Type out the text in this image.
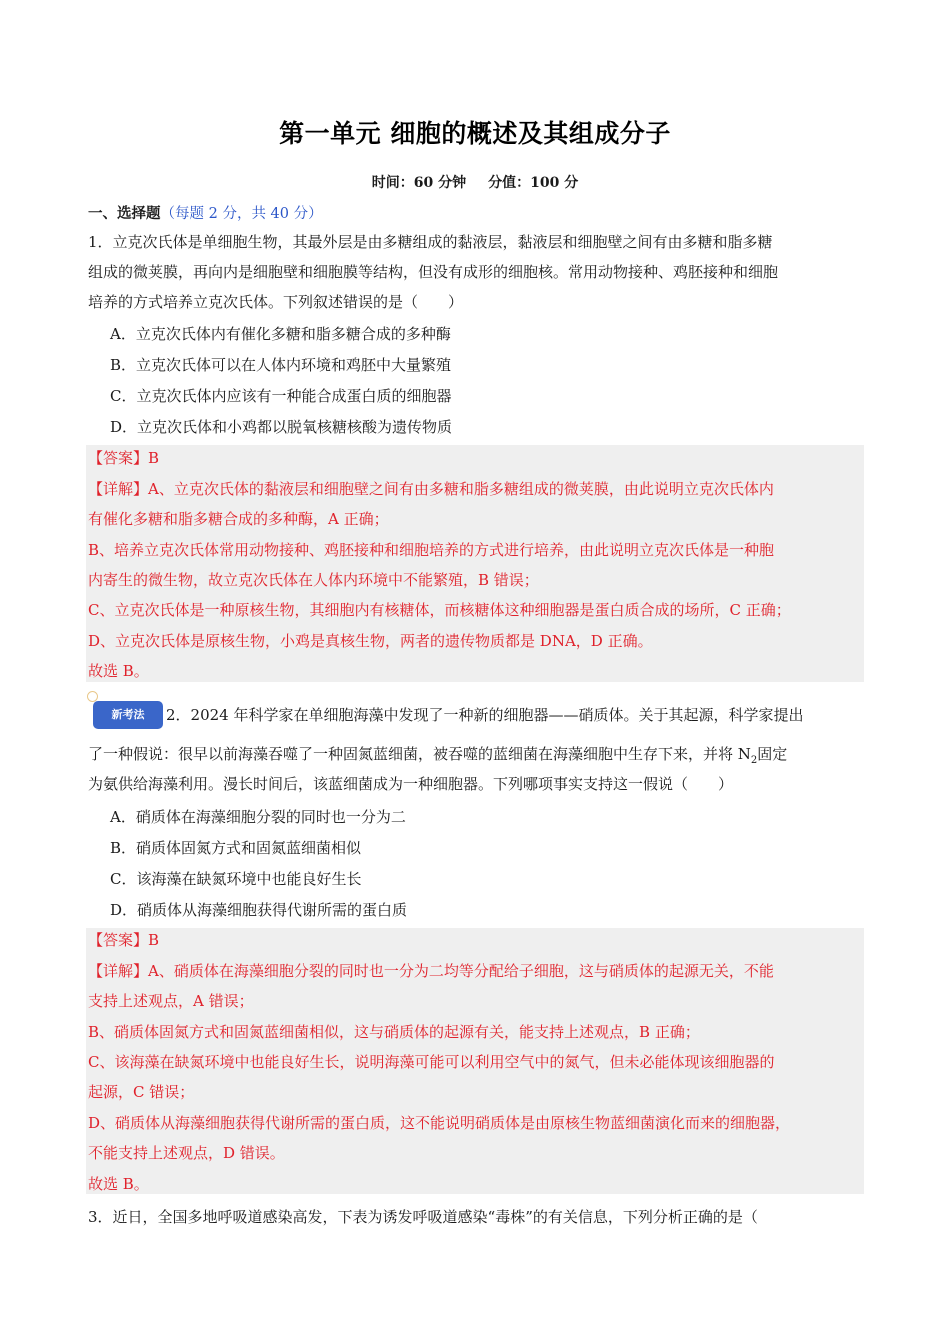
第一单元 细胞的概述及其组成分子
时间：60 分钟 分值：100 分
一、选择题（每题 2 分，共 40 分）
1．立克次氏体是单细胞生物，其最外层是由多糖组成的黏液层，黏液层和细胞壁之间有由多糖和脂多糖
组成的微荚膜，再向内是细胞壁和细胞膜等结构，但没有成形的细胞核。常用动物接种、鸡胚接种和细胞
培养的方式培养立克次氏体。下列叙述错误的是（　　）
A．立克次氏体内有催化多糖和脂多糖合成的多种酶
B．立克次氏体可以在人体内环境和鸡胚中大量繁殖
C．立克次氏体内应该有一种能合成蛋白质的细胞器
D．立克次氏体和小鸡都以脱氧核糖核酸为遗传物质
【答案】B
【详解】A、立克次氏体的黏液层和细胞壁之间有由多糖和脂多糖组成的微荚膜，由此说明立克次氏体内
有催化多糖和脂多糖合成的多种酶，A 正确；
B、培养立克次氏体常用动物接种、鸡胚接种和细胞培养的方式进行培养，由此说明立克次氏体是一种胞
内寄生的微生物，故立克次氏体在人体内环境中不能繁殖，B 错误；
C、立克次氏体是一种原核生物，其细胞内有核糖体，而核糖体这种细胞器是蛋白质合成的场所，C 正确；
D、立克次氏体是原核生物，小鸡是真核生物，两者的遗传物质都是 DNA，D 正确。
故选 B。
新考法	2．2024 年科学家在单细胞海藻中发现了一种新的细胞器——硝质体。关于其起源，科学家提出
了一种假说：很早以前海藻吞噬了一种固氮蓝细菌，被吞噬的蓝细菌在海藻细胞中生存下来，并将 $N_2$固定
为氨供给海藻利用。漫长时间后，该蓝细菌成为一种细胞器。下列哪项事实支持这一假说（　　）
A．硝质体在海藻细胞分裂的同时也一分为二
B．硝质体固氮方式和固氮蓝细菌相似
C．该海藻在缺氮环境中也能良好生长
D．硝质体从海藻细胞获得代谢所需的蛋白质
【答案】B
【详解】A、硝质体在海藻细胞分裂的同时也一分为二均等分配给子细胞，这与硝质体的起源无关，不能
支持上述观点，A 错误；
B、硝质体固氮方式和固氮蓝细菌相似，这与硝质体的起源有关，能支持上述观点，B 正确；
C、该海藻在缺氮环境中也能良好生长，说明海藻可能可以利用空气中的氮气，但未必能体现该细胞器的
起源，C 错误；
D、硝质体从海藻细胞获得代谢所需的蛋白质，这不能说明硝质体是由原核生物蓝细菌演化而来的细胞器，
不能支持上述观点，D 错误。
故选 B。
3．近日，全国多地呼吸道感染高发，下表为诱发呼吸道感染“毒株”的有关信息，下列分析正确的是（
